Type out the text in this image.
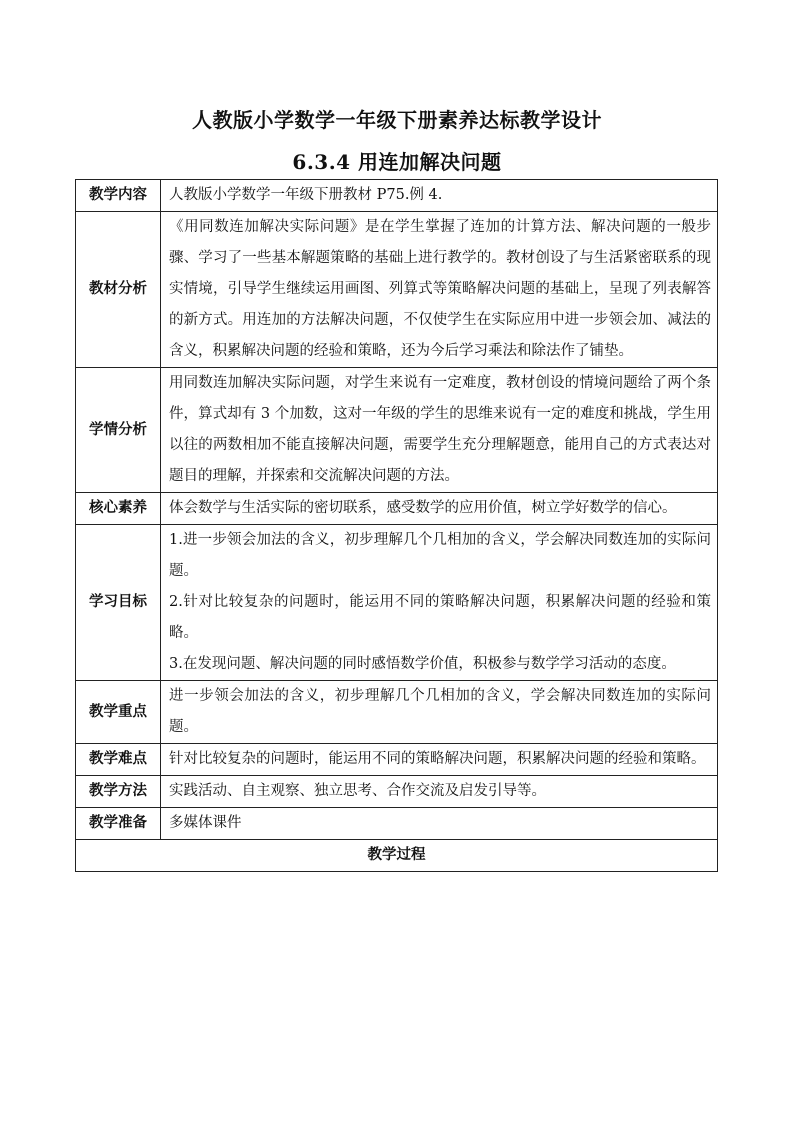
人教版小学数学一年级下册素养达标教学设计
6.3.4 用连加解决问题
教学内容	人教版小学数学一年级下册教材 P75.例 4.
教材分析	《用同数连加解决实际问题》是在学生掌握了连加的计算方法、解决问题的一般步骤、学习了一些基本解题策略的基础上进行教学的。教材创设了与生活紧密联系的现实情境，引导学生继续运用画图、列算式等策略解决问题的基础上，呈现了列表解答的新方式。用连加的方法解决问题，不仅使学生在实际应用中进一步领会加、减法的含义，积累解决问题的经验和策略，还为今后学习乘法和除法作了铺垫。
学情分析	用同数连加解决实际问题，对学生来说有一定难度，教材创设的情境问题给了两个条件，算式却有 3 个加数，这对一年级的学生的思维来说有一定的难度和挑战，学生用以往的两数相加不能直接解决问题，需要学生充分理解题意，能用自己的方式表达对题目的理解，并探索和交流解决问题的方法。
核心素养	体会数学与生活实际的密切联系，感受数学的应用价值，树立学好数学的信心。
学习目标	1.进一步领会加法的含义，初步理解几个几相加的含义，学会解决同数连加的实际问题。

2.针对比较复杂的问题时，能运用不同的策略解决问题，积累解决问题的经验和策略。

3.在发现问题、解决问题的同时感悟数学价值，积极参与数学学习活动的态度。

教学重点	进一步领会加法的含义，初步理解几个几相加的含义，学会解决同数连加的实际问题。
教学难点	针对比较复杂的问题时，能运用不同的策略解决问题，积累解决问题的经验和策略。
教学方法	实践活动、自主观察、独立思考、合作交流及启发引导等。
教学准备	多媒体课件
教学过程	
